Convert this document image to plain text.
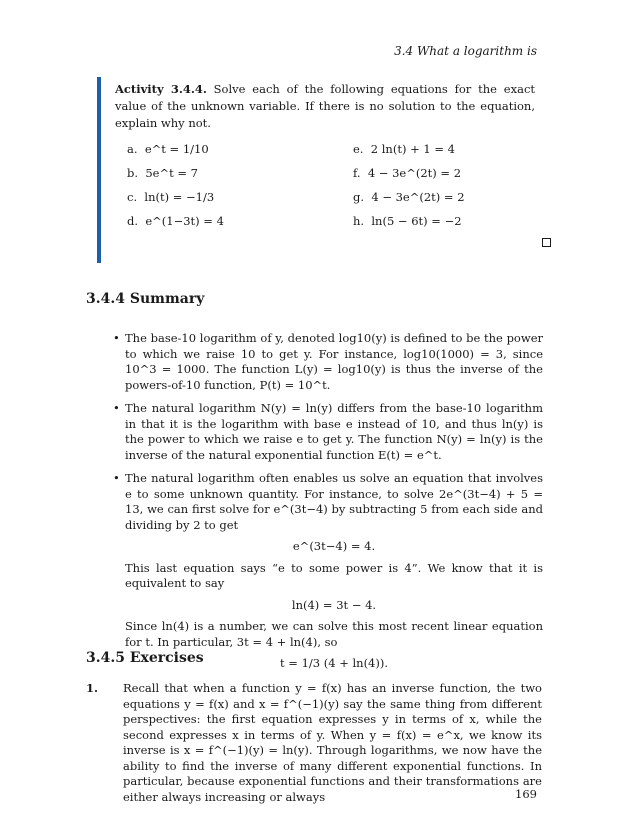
3.4 What a logarithm is
Activity 3.4.4. Solve each of the following equations for the exact value of the unknown variable. If there is no solution to the equation, explain why not.
a. e^t = 1/10
b. 5e^t = 7
c. ln(t) = −1/3
d. e^(1−3t) = 4
e. 2 ln(t) + 1 = 4
f. 4 − 3e^(2t) = 2
g. 4 − 3e^(2t) = 2
h. ln(5 − 6t) = −2
3.4.4 Summary
• The base-10 logarithm of y, denoted log10(y) is defined to be the power to which we raise 10 to get y. For instance, log10(1000) = 3, since 10^3 = 1000. The function L(y) = log10(y) is thus the inverse of the powers-of-10 function, P(t) = 10^t.
• The natural logarithm N(y) = ln(y) differs from the base-10 logarithm in that it is the logarithm with base e instead of 10, and thus ln(y) is the power to which we raise e to get y. The function N(y) = ln(y) is the inverse of the natural exponential function E(t) = e^t.
• The natural logarithm often enables us solve an equation that involves e to some unknown quantity. For instance, to solve 2e^(3t−4) + 5 = 13, we can first solve for e^(3t−4) by subtracting 5 from each side and dividing by 2 to get
e^(3t−4) = 4.
This last equation says “e to some power is 4”. We know that it is equivalent to say
ln(4) = 3t − 4.
Since ln(4) is a number, we can solve this most recent linear equation for t. In particular, 3t = 4 + ln(4), so
t = 1/3 (4 + ln(4)).
3.4.5 Exercises
1. Recall that when a function y = f(x) has an inverse function, the two equations y = f(x) and x = f^(−1)(y) say the same thing from different perspectives: the first equation expresses y in terms of x, while the second expresses x in terms of y. When y = f(x) = e^x, we know its inverse is x = f^(−1)(y) = ln(y). Through logarithms, we now have the ability to find the inverse of many different exponential functions. In particular, because exponential functions and their transformations are either always increasing or always	169
